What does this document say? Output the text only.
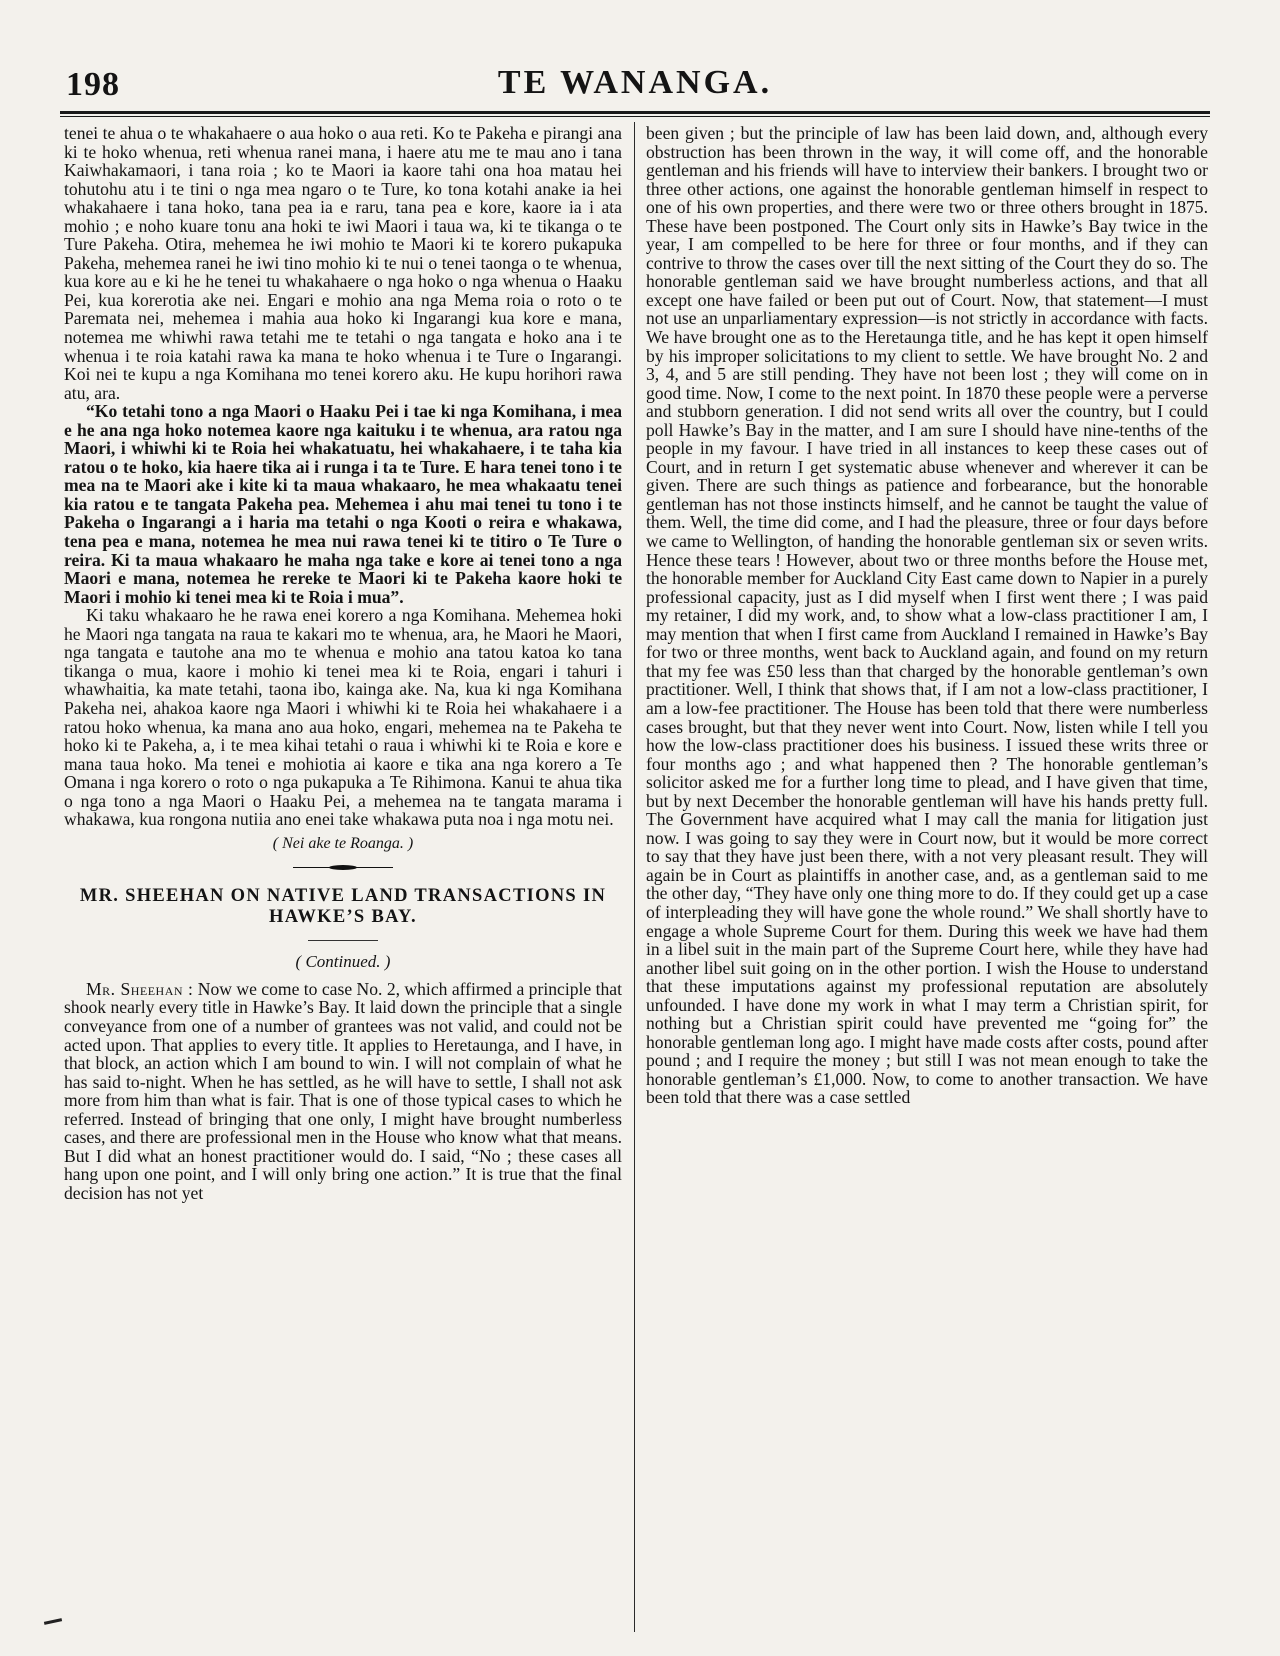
198	TE WANANGA.

tenei te ahua o te whakahaere o aua hoko o aua reti. Ko te Pakeha e pirangi ana ki te hoko whenua, reti whenua ranei mana, i haere atu me te mau ano i tana Kaiwhakamaori, i tana roia ; ko te Maori ia kaore tahi ona hoa matau hei tohutohu atu i te tini o nga mea ngaro o te Ture, ko tona kotahi anake ia hei whakahaere i tana hoko, tana pea ia e raru, tana pea e kore, kaore ia i ata mohio ; e noho kuare tonu ana hoki te iwi Maori i taua wa, ki te tikanga o te Ture Pakeha. Otira, mehemea he iwi mohio te Maori ki te korero pukapuka Pakeha, mehemea ranei he iwi tino mohio ki te nui o tenei taonga o te whenua, kua kore au e ki he he tenei tu whakahaere o nga hoko o nga whenua o Haaku Pei, kua korerotia ake nei. Engari e mohio ana nga Mema roia o roto o te Paremata nei, mehemea i mahia aua hoko ki Ingarangi kua kore e mana, notemea me whiwhi rawa tetahi me te tetahi o nga tangata e hoko ana i te whenua i te roia katahi rawa ka mana te hoko whenua i te Ture o Ingarangi. Koi nei te kupu a nga Komihana mo tenei korero aku. He kupu horihori rawa atu, ara.

“Ko tetahi tono a nga Maori o Haaku Pei i tae ki nga Komihana, i mea e he ana nga hoko notemea kaore nga kaituku i te whenua, ara ratou nga Maori, i whiwhi ki te Roia hei whakatuatu, hei whakahaere, i te taha kia ratou o te hoko, kia haere tika ai i runga i ta te Ture. E hara tenei tono i te mea na te Maori ake i kite ki ta maua whakaaro, he mea whakaatu tenei kia ratou e te tangata Pakeha pea. Mehemea i ahu mai tenei tu tono i te Pakeha o Ingarangi a i haria ma tetahi o nga Kooti o reira e whakawa, tena pea e mana, notemea he mea nui rawa tenei ki te titiro o Te Ture o reira. Ki ta maua whakaaro he maha nga take e kore ai tenei tono a nga Maori e mana, notemea he rereke te Maori ki te Pakeha kaore hoki te Maori i mohio ki tenei mea ki te Roia i mua”.

Ki taku whakaaro he he rawa enei korero a nga Komihana. Mehemea hoki he Maori nga tangata na raua te kakari mo te whenua, ara, he Maori he Maori, nga tangata e tautohe ana mo te whenua e mohio ana tatou katoa ko tana tikanga o mua, kaore i mohio ki tenei mea ki te Roia, engari i tahuri i whawhaitia, ka mate tetahi, taona ibo, kainga ake. Na, kua ki nga Komihana Pakeha nei, ahakoa kaore nga Maori i whiwhi ki te Roia hei whakahaere i a ratou hoko whenua, ka mana ano aua hoko, engari, mehemea na te Pakeha te hoko ki te Pakeha, a, i te mea kihai tetahi o raua i whiwhi ki te Roia e kore e mana taua hoko. Ma tenei e mohiotia ai kaore e tika ana nga korero a Te Omana i nga korero o roto o nga pukapuka a Te Rihimona. Kanui te ahua tika o nga tono a nga Maori o Haaku Pei, a mehemea na te tangata marama i whakawa, kua rongona nutiia ano enei take whakawa puta noa i nga motu nei.

( Nei ake te Roanga. )
MR. SHEEHAN ON NATIVE LAND TRANSACTIONS IN HAWKE’S BAY.
( Continued. )

Mr. Sheehan : Now we come to case No. 2, which affirmed a principle that shook nearly every title in Hawke’s Bay. It laid down the principle that a single conveyance from one of a number of grantees was not valid, and could not be acted upon. That applies to every title. It applies to Heretaunga, and I have, in that block, an action which I am bound to win. I will not complain of what he has said to-night. When he has settled, as he will have to settle, I shall not ask more from him than what is fair. That is one of those typical cases to which he referred. Instead of bringing that one only, I might have brought numberless cases, and there are professional men in the House who know what that means. But I did what an honest practitioner would do. I said, “No ; these cases all hang upon one point, and I will only bring one action.” It is true that the final decision has not yet

been given ; but the principle of law has been laid down, and, although every obstruction has been thrown in the way, it will come off, and the honorable gentleman and his friends will have to interview their bankers. I brought two or three other actions, one against the honorable gentleman himself in respect to one of his own properties, and there were two or three others brought in 1875. These have been postponed. The Court only sits in Hawke’s Bay twice in the year, I am compelled to be here for three or four months, and if they can contrive to throw the cases over till the next sitting of the Court they do so. The honorable gentleman said we have brought numberless actions, and that all except one have failed or been put out of Court. Now, that statement—I must not use an unparliamentary expression—is not strictly in accordance with facts. We have brought one as to the Heretaunga title, and he has kept it open himself by his improper solicitations to my client to settle. We have brought No. 2 and 3, 4, and 5 are still pending. They have not been lost ; they will come on in good time. Now, I come to the next point. In 1870 these people were a perverse and stubborn generation. I did not send writs all over the country, but I could poll Hawke’s Bay in the matter, and I am sure I should have nine-tenths of the people in my favour. I have tried in all instances to keep these cases out of Court, and in return I get systematic abuse whenever and wherever it can be given. There are such things as patience and forbearance, but the honorable gentleman has not those instincts himself, and he cannot be taught the value of them. Well, the time did come, and I had the pleasure, three or four days before we came to Wellington, of handing the honorable gentleman six or seven writs. Hence these tears ! However, about two or three months before the House met, the honorable member for Auckland City East came down to Napier in a purely professional capacity, just as I did myself when I first went there ; I was paid my retainer, I did my work, and, to show what a low-class practitioner I am, I may mention that when I first came from Auckland I remained in Hawke’s Bay for two or three months, went back to Auckland again, and found on my return that my fee was £50 less than that charged by the honorable gentleman’s own practitioner. Well, I think that shows that, if I am not a low-class practitioner, I am a low-fee practitioner. The House has been told that there were numberless cases brought, but that they never went into Court. Now, listen while I tell you how the low-class practitioner does his business. I issued these writs three or four months ago ; and what happened then ? The honorable gentleman’s solicitor asked me for a further long time to plead, and I have given that time, but by next December the honorable gentleman will have his hands pretty full. The Government have acquired what I may call the mania for litigation just now. I was going to say they were in Court now, but it would be more correct to say that they have just been there, with a not very pleasant result. They will again be in Court as plaintiffs in another case, and, as a gentleman said to me the other day, “They have only one thing more to do. If they could get up a case of interpleading they will have gone the whole round.” We shall shortly have to engage a whole Supreme Court for them. During this week we have had them in a libel suit in the main part of the Supreme Court here, while they have had another libel suit going on in the other portion. I wish the House to understand that these imputations against my professional reputation are absolutely unfounded. I have done my work in what I may term a Christian spirit, for nothing but a Christian spirit could have prevented me “going for” the honorable gentleman long ago. I might have made costs after costs, pound after pound ; and I require the money ; but still I was not mean enough to take the honorable gentleman’s £1,000. Now, to come to another transaction. We have been told that there was a case settled
